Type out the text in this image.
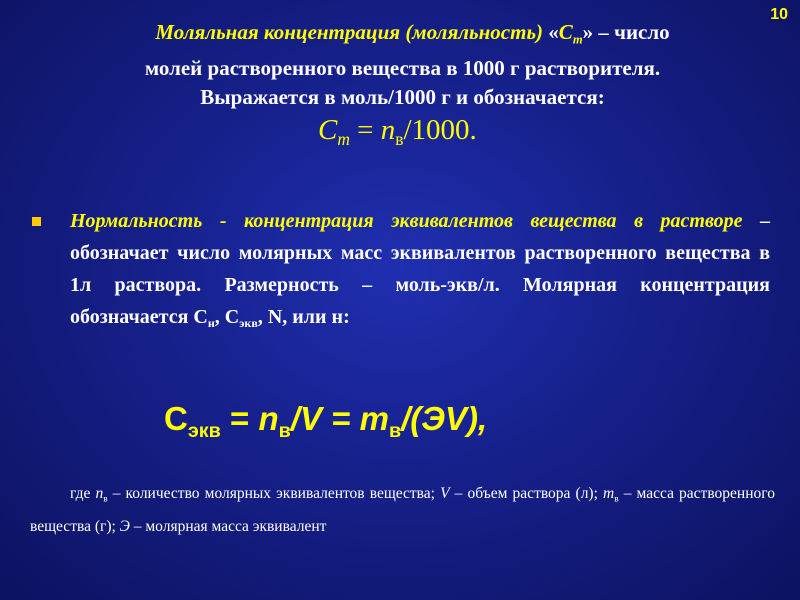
10
Моляльная концентрация (моляльность) «$C_m$» – число
молей растворенного вещества в 1000 г растворителя.
Выражается в моль/1000 г и обозначается:
$C_m = n_в/1000$.
Нормальность - концентрация эквивалентов вещества в растворе – обозначает число молярных масс эквивалентов растворенного вещества в 1л раствора. Размерность – моль-экв/л. Молярная концентрация
обозначается $C_н$, $C_{экв}$, N, или н:
$C_{экв} = n_в/V = m_в/(ЭV)$,
где $n_в$ – количество молярных эквивалентов вещества; V – объем раствора (л); $m_в$ – масса растворенного вещества (г); Э – молярная масса эквивалент
